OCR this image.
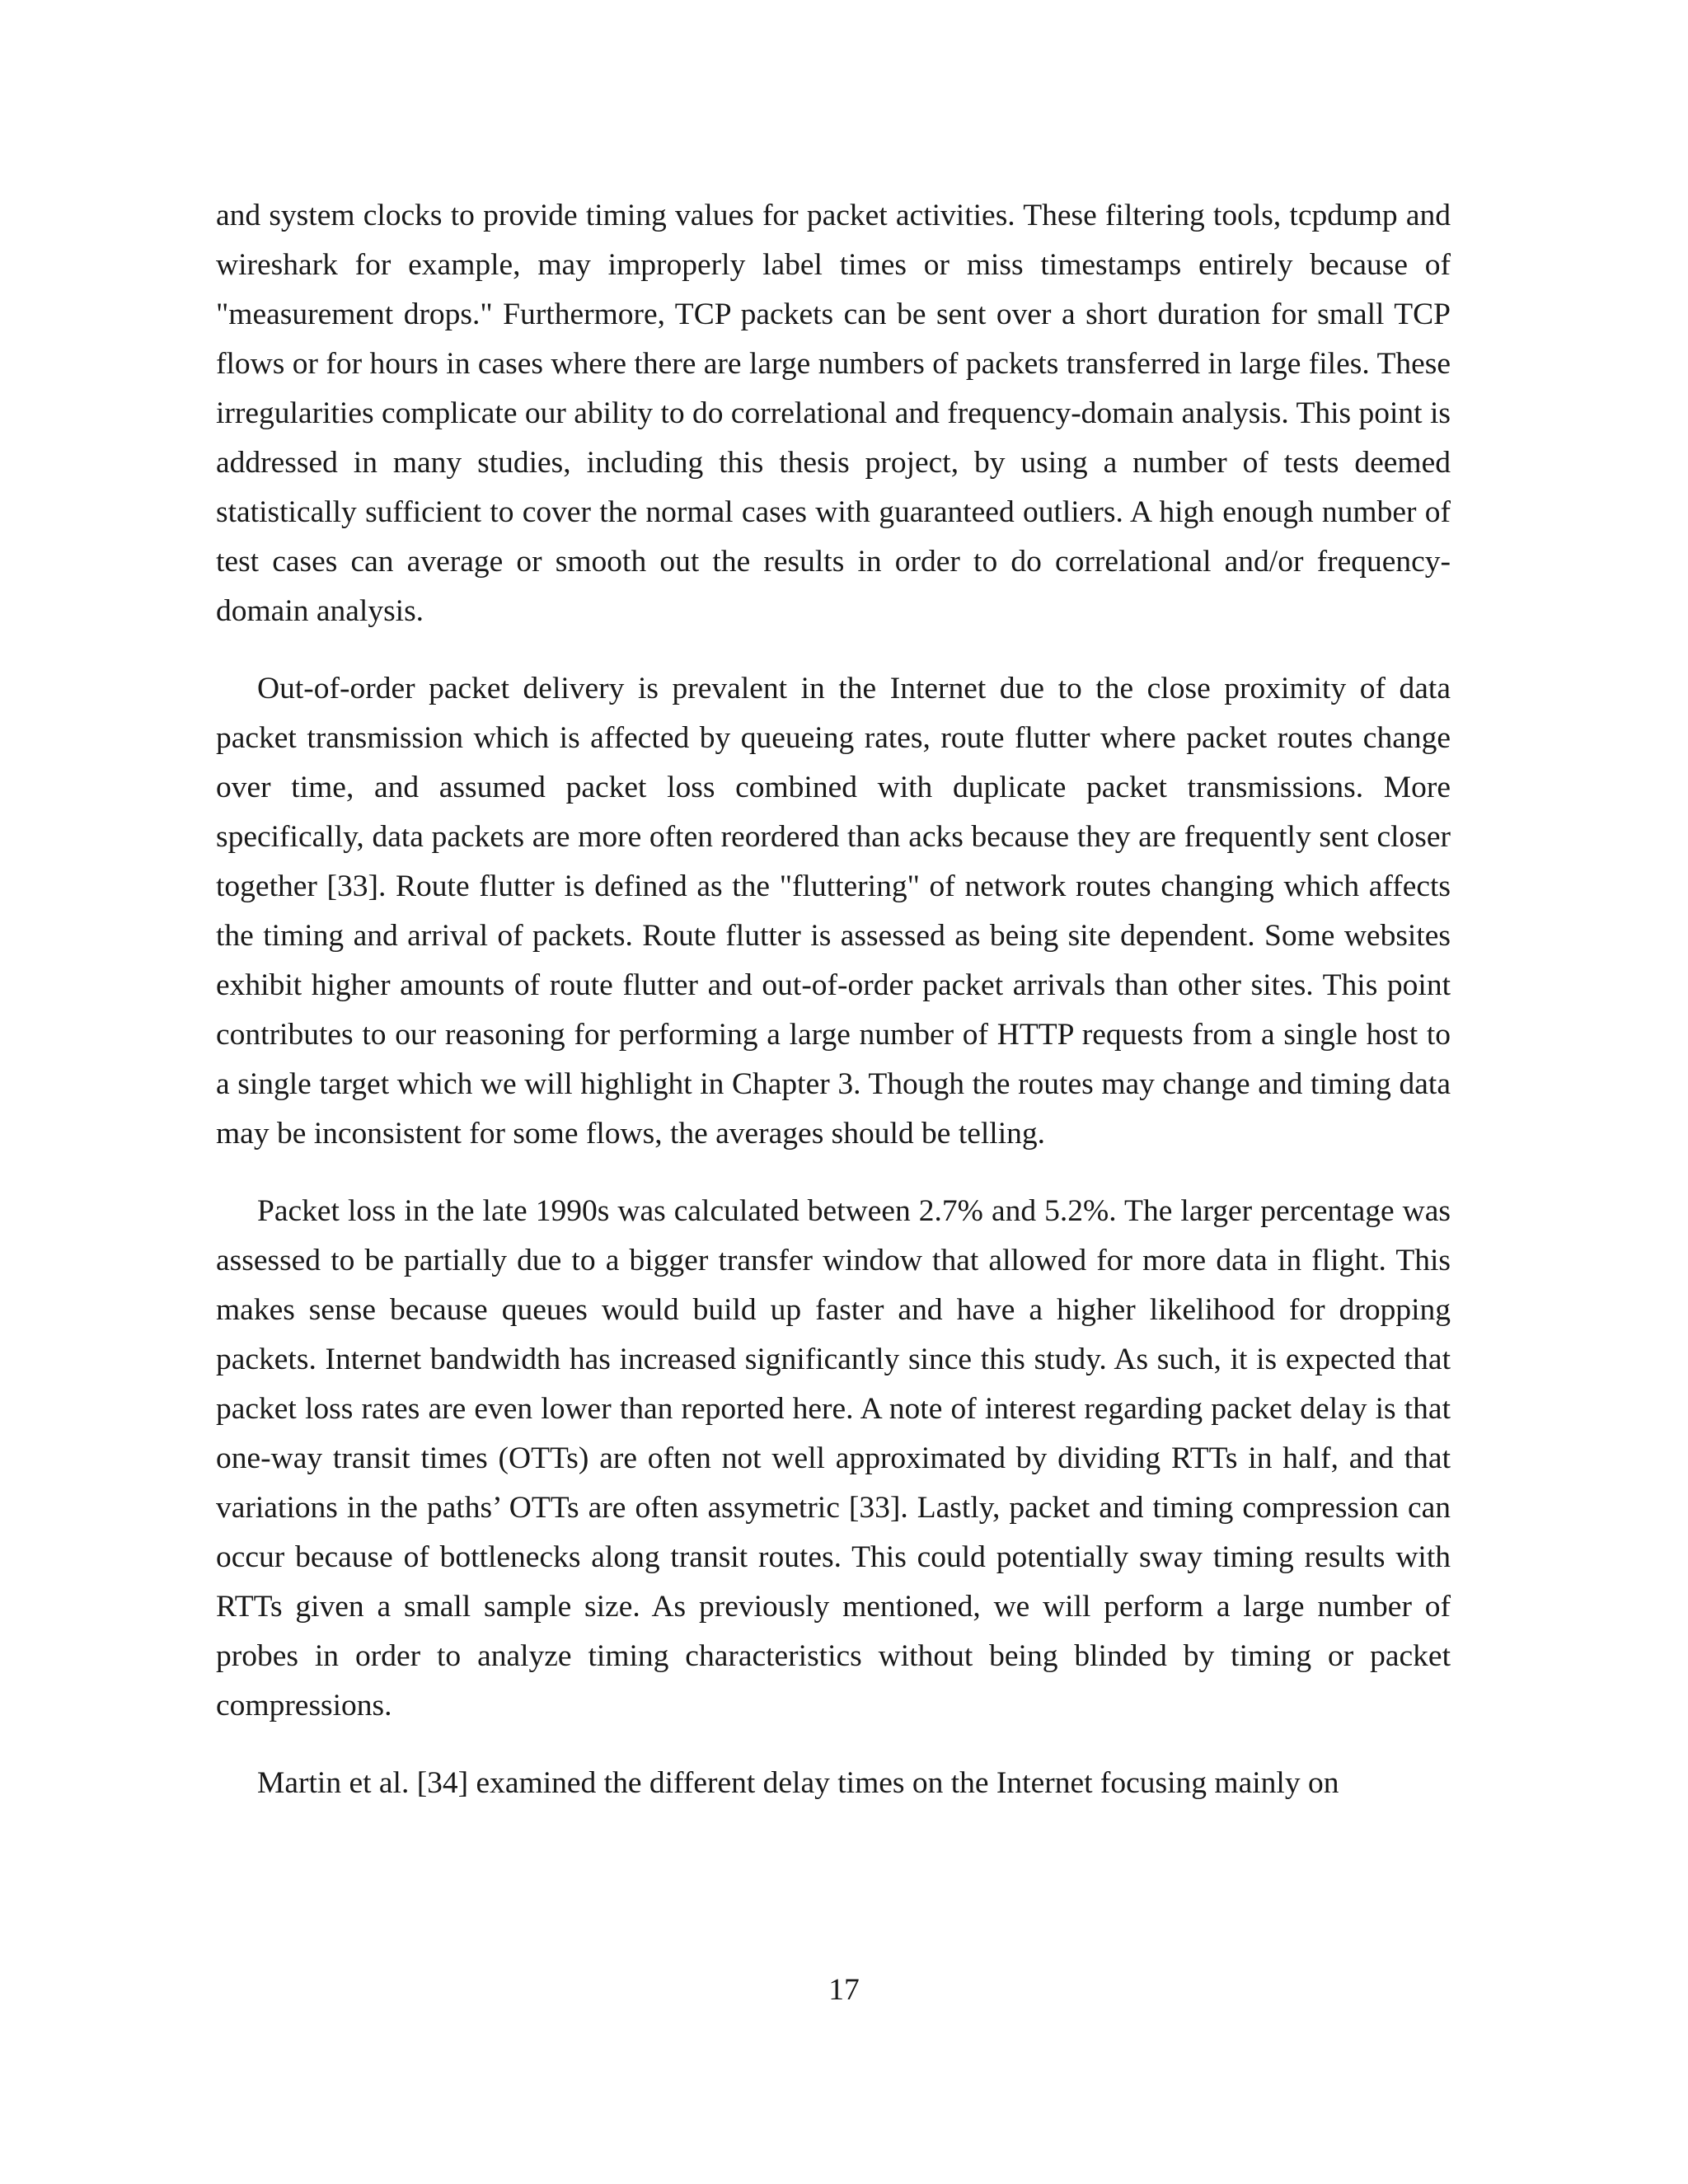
and system clocks to provide timing values for packet activities. These filtering tools, tcpdump and wireshark for example, may improperly label times or miss timestamps entirely because of "measurement drops." Furthermore, TCP packets can be sent over a short duration for small TCP flows or for hours in cases where there are large numbers of packets transferred in large files. These irregularities complicate our ability to do correlational and frequency-domain analysis. This point is addressed in many studies, including this thesis project, by using a number of tests deemed statistically sufficient to cover the normal cases with guaranteed outliers. A high enough number of test cases can average or smooth out the results in order to do correlational and/or frequency-domain analysis.

Out-of-order packet delivery is prevalent in the Internet due to the close proximity of data packet transmission which is affected by queueing rates, route flutter where packet routes change over time, and assumed packet loss combined with duplicate packet transmissions. More specifically, data packets are more often reordered than acks because they are frequently sent closer together [33]. Route flutter is defined as the "fluttering" of network routes changing which affects the timing and arrival of packets. Route flutter is assessed as being site dependent. Some websites exhibit higher amounts of route flutter and out-of-order packet arrivals than other sites. This point contributes to our reasoning for performing a large number of HTTP requests from a single host to a single target which we will highlight in Chapter 3. Though the routes may change and timing data may be inconsistent for some flows, the averages should be telling.

Packet loss in the late 1990s was calculated between 2.7% and 5.2%. The larger percentage was assessed to be partially due to a bigger transfer window that allowed for more data in flight. This makes sense because queues would build up faster and have a higher likelihood for dropping packets. Internet bandwidth has increased significantly since this study. As such, it is expected that packet loss rates are even lower than reported here. A note of interest regarding packet delay is that one-way transit times (OTTs) are often not well approximated by dividing RTTs in half, and that variations in the paths’ OTTs are often assymetric [33]. Lastly, packet and timing compression can occur because of bottlenecks along transit routes. This could potentially sway timing results with RTTs given a small sample size. As previously mentioned, we will perform a large number of probes in order to analyze timing characteristics without being blinded by timing or packet compressions.

Martin et al. [34] examined the different delay times on the Internet focusing mainly on

17
